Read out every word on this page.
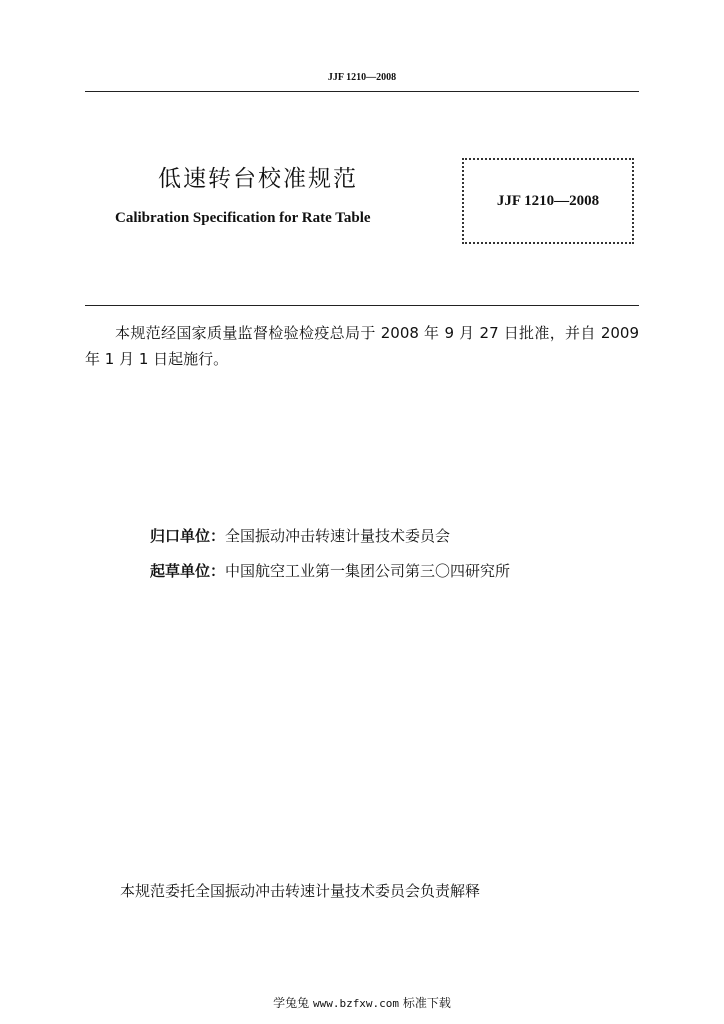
JJF 1210—2008
低速转台校准规范
Calibration Specification for Rate Table
JJF 1210—2008
本规范经国家质量监督检验检疫总局于 2008 年 9 月 27 日批准，并自 2009 年 1 月 1 日起施行。
归口单位：全国振动冲击转速计量技术委员会
起草单位：中国航空工业第一集团公司第三〇四研究所
本规范委托全国振动冲击转速计量技术委员会负责解释
学兔兔 www.bzfxw.com 标准下载
